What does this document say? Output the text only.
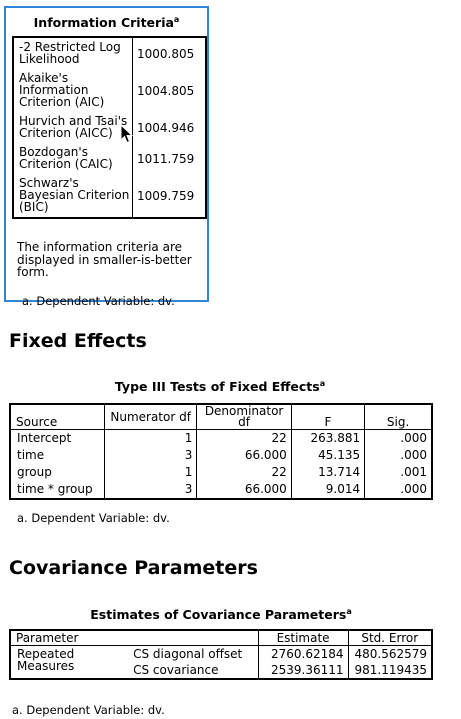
Information Criteria$^a$
-2 Restricted Log Likelihood	1000.805
Akaike's Information Criterion (AIC)	1004.805
Hurvich and Tsai's Criterion (AICC)	1004.946
Bozdogan's Criterion (CAIC)	1011.759
Schwarz's Bayesian Criterion (BIC)	1009.759
The information criteria are displayed in smaller-is-better form.
a. Dependent Variable: dv.
Fixed Effects
Type III Tests of Fixed Effects$^a$
Source	Numerator df	Denominator df	F	Sig.
Intercept	1	22	263.881	.000
time	3	66.000	45.135	.000
group	1	22	13.714	.001
time * group	3	66.000	9.014	.000
a. Dependent Variable: dv.
Covariance Parameters
Estimates of Covariance Parameters$^a$
Parameter		Estimate	Std. Error
Repeated Measures	CS diagonal offset	2760.62184	480.562579
	CS covariance	2539.36111	981.119435
a. Dependent Variable: dv.
